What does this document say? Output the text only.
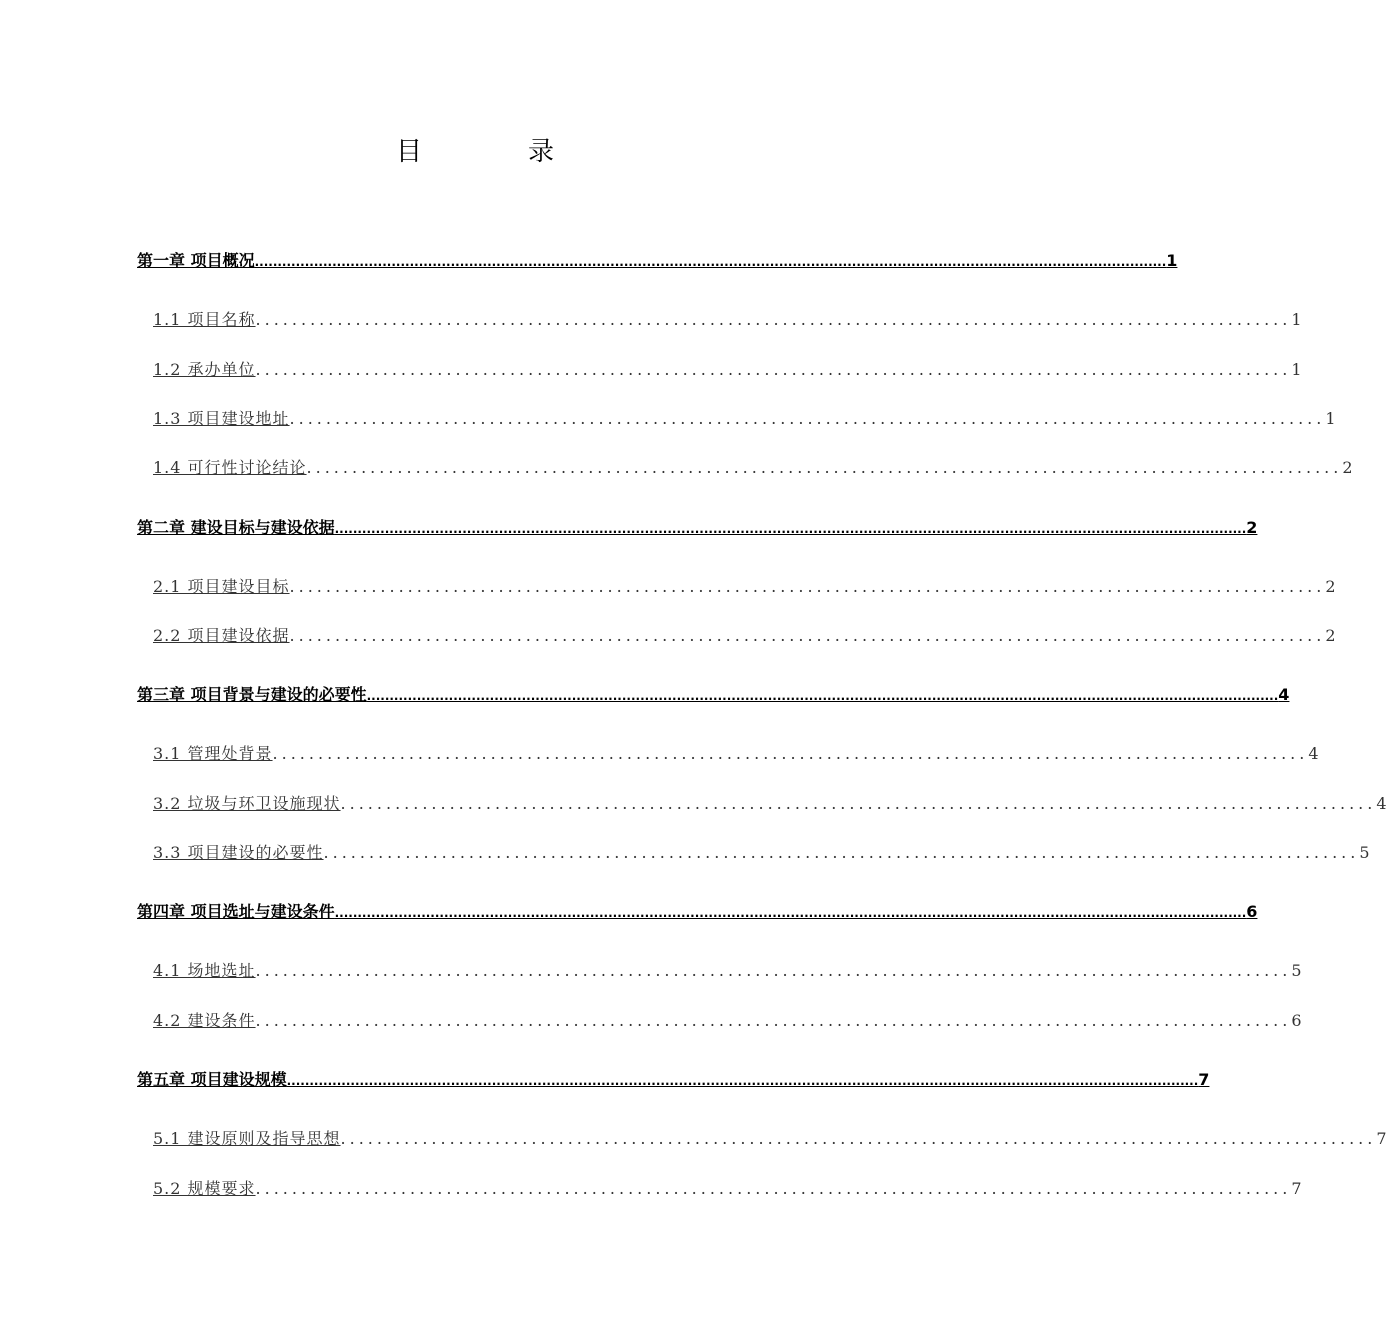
目　录
第一章 项目概况 ........................................................................................................................................................................................................ 1
1.1 项目名称 .................................................................................................................. 1
1.2 承办单位 .................................................................................................................. 1
1.3 项目建设地址 .................................................................................................................. 1
1.4 可行性讨论结论 .................................................................................................................. 2
第二章 建设目标与建设依据 ........................................................................................................................................................................................................ 2
2.1 项目建设目标 .................................................................................................................. 2
2.2 项目建设依据 .................................................................................................................. 2
第三章 项目背景与建设的必要性 ........................................................................................................................................................................................................ 4
3.1 管理处背景 .................................................................................................................. 4
3.2 垃圾与环卫设施现状 .................................................................................................................. 4
3.3 项目建设的必要性 .................................................................................................................. 5
第四章 项目选址与建设条件 ........................................................................................................................................................................................................ 6
4.1 场地选址 .................................................................................................................. 5
4.2 建设条件 .................................................................................................................. 6
第五章 项目建设规模 ........................................................................................................................................................................................................ 7
5.1 建设原则及指导思想 .................................................................................................................. 7
5.2 规模要求 .................................................................................................................. 7
